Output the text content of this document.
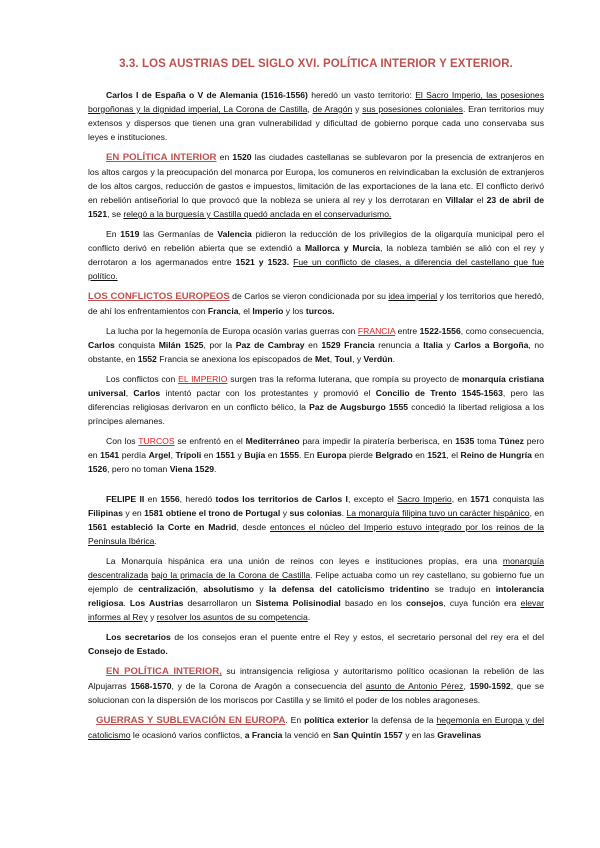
3.3. LOS AUSTRIAS DEL SIGLO XVI. POLÍTICA INTERIOR Y EXTERIOR.

Carlos I de España o V de Alemania (1516-1556) heredó un vasto territorio: El Sacro Imperio, las posesiones borgoñonas y la dignidad imperial, La Corona de Castilla, de Aragón y sus posesiones coloniales. Eran territorios muy extensos y dispersos que tienen una gran vulnerabilidad y dificultad de gobierno porque cada uno conservaba sus leyes e instituciones.

EN POLÍTICA INTERIOR en 1520 las ciudades castellanas se sublevaron por la presencia de extranjeros en los altos cargos y la preocupación del monarca por Europa, los comuneros en reivindicaban la exclusión de extranjeros de los altos cargos, reducción de gastos e impuestos, limitación de las exportaciones de la lana etc. El conflicto derivó en rebelión antiseñorial lo que provocó que la nobleza se uniera al rey y los derrotaran en Villalar el 23 de abril de 1521, se relegó a la burguesía y Castilla quedó anclada en el conservadurismo.

En 1519 las Germanías de Valencia pidieron la reducción de los privilegios de la oligarquía municipal pero el conflicto derivó en rebelión abierta que se extendió a Mallorca y Murcia, la nobleza también se alió con el rey y derrotaron a los agermanados entre 1521 y 1523. Fue un conflicto de clases, a diferencia del castellano que fue político.

LOS CONFLICTOS EUROPEOS de Carlos se vieron condicionada por su idea imperial y los territorios que heredó, de ahí los enfrentamientos con Francia, el Imperio y los turcos.

La lucha por la hegemonía de Europa ocasión varias guerras con FRANCIA entre 1522-1556, como consecuencia, Carlos conquista Milán 1525, por la Paz de Cambray en 1529 Francia renuncia a Italia y Carlos a Borgoña, no obstante, en 1552 Francia se anexiona los episcopados de Met, Toul, y Verdún.

Los conflictos con EL IMPERIO surgen tras la reforma luterana, que rompía su proyecto de monarquía cristiana universal, Carlos intentó pactar con los protestantes y promovió el Concilio de Trento 1545-1563, pero las diferencias religiosas derivaron en un conflicto bélico, la Paz de Augsburgo 1555 concedió la libertad religiosa a los príncipes alemanes.

Con los TURCOS se enfrentó en el Mediterráneo para impedir la piratería berberisca, en 1535 toma Túnez pero en 1541 perdía Argel, Trípoli en 1551 y Bujía en 1555. En Europa pierde Belgrado en 1521, el Reino de Hungría en 1526, pero no toman Viena 1529.

FELIPE II en 1556, heredó todos los territorios de Carlos I, excepto el Sacro Imperio, en 1571 conquista las Filipinas y en 1581 obtiene el trono de Portugal y sus colonias. La monarquía filipina tuvo un carácter hispánico, en 1561 estableció la Corte en Madrid, desde entonces el núcleo del Imperio estuvo integrado por los reinos de la Península Ibérica.

La Monarquía hispánica era una unión de reinos con leyes e instituciones propias, era una monarquía descentralizada bajo la primacía de la Corona de Castilla. Felipe actuaba como un rey castellano, su gobierno fue un ejemplo de centralización, absolutismo y la defensa del catolicismo tridentino se tradujo en intolerancia religiosa. Los Austrias desarrollaron un Sistema Polisinodial basado en los consejos, cuya función era elevar informes al Rey y resolver los asuntos de su competencia.

Los secretarios de los consejos eran el puente entre el Rey y estos, el secretario personal del rey era el del Consejo de Estado.

EN POLÍTICA INTERIOR, su intransigencia religiosa y autoritarismo político ocasionan la rebelión de las Alpujarras 1568-1570, y de la Corona de Aragón a consecuencia del asunto de Antonio Pérez, 1590-1592, que se solucionan con la dispersión de los moriscos por Castilla y se limitó el poder de los nobles aragoneses.

GUERRAS Y SUBLEVACIÓN EN EUROPA. En política exterior la defensa de la hegemonía en Europa y del catolicismo le ocasionó varios conflictos, a Francia la venció en San Quintín 1557 y en las Gravelinas
